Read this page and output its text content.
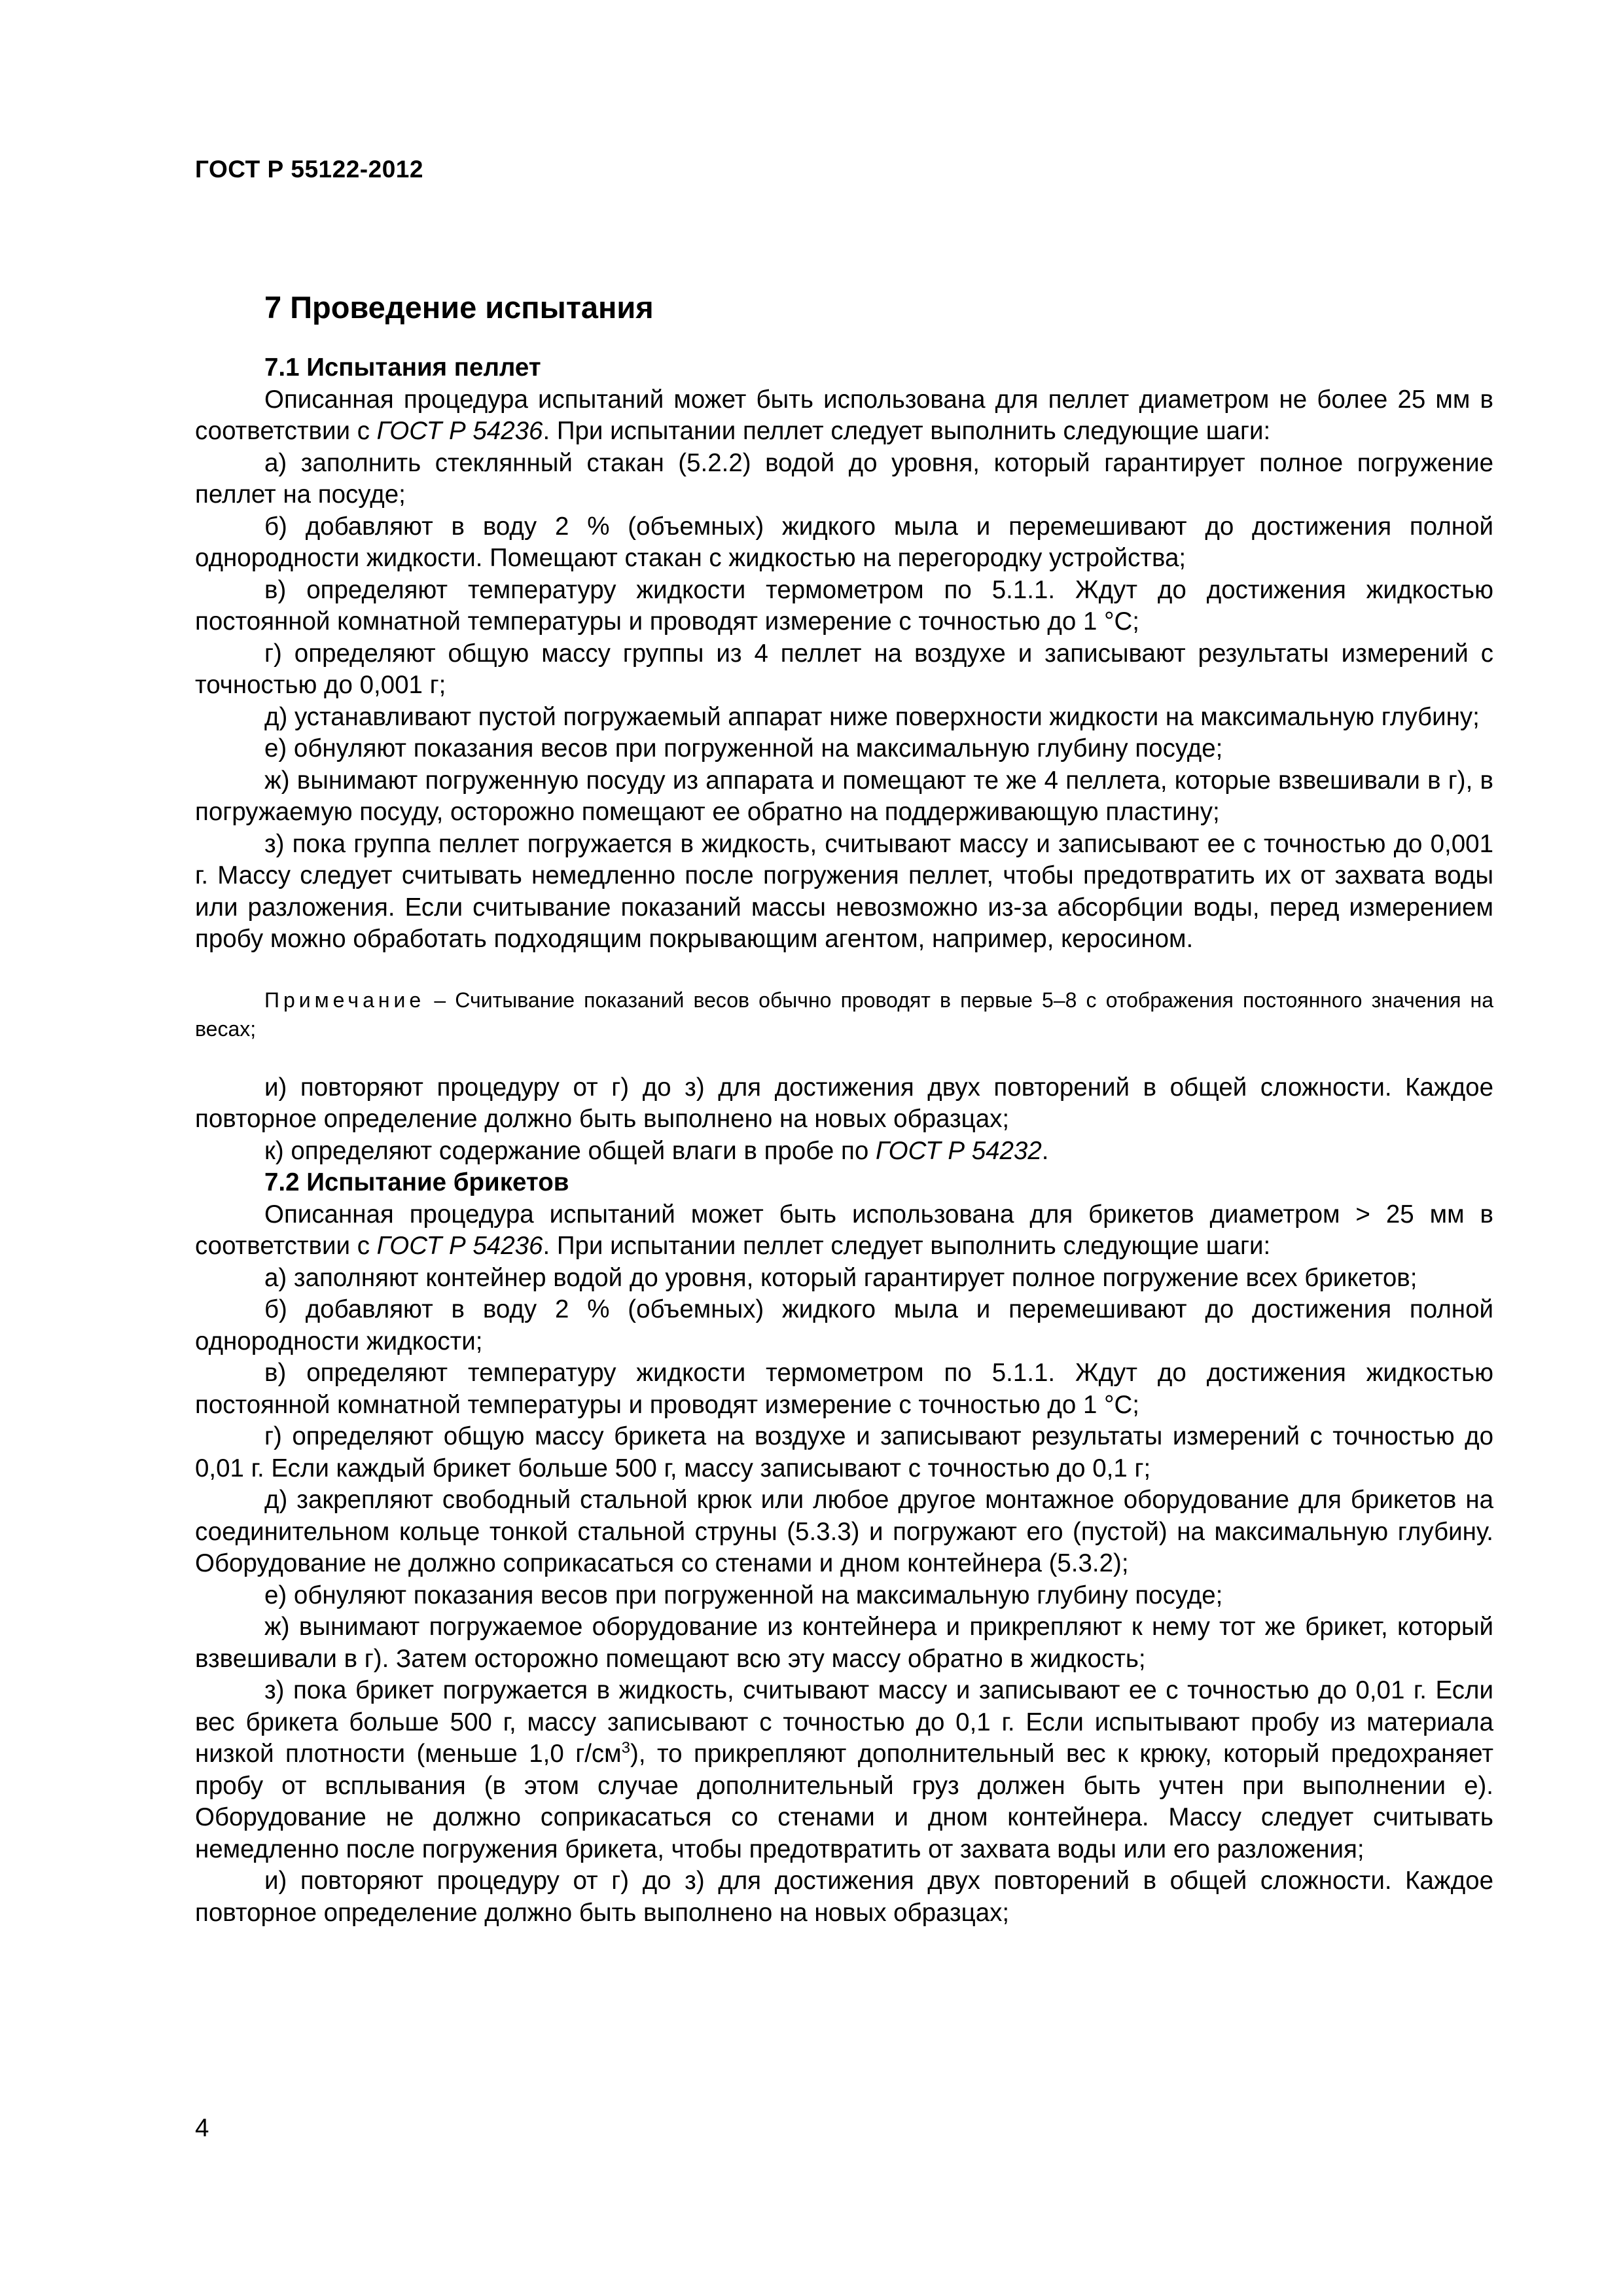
ГОСТ Р 55122-2012
7 Проведение испытания
7.1 Испытания пеллет

Описанная процедура испытаний может быть использована для пеллет диаметром не более 25 мм в соответствии с ГОСТ Р 54236. При испытании пеллет следует выполнить следующие шаги:

а) заполнить стеклянный стакан (5.2.2) водой до уровня, который гарантирует полное погружение пеллет на посуде;

б) добавляют в воду 2 % (объемных) жидкого мыла и перемешивают до достижения полной однородности жидкости. Помещают стакан с жидкостью на перегородку устройства;

в) определяют температуру жидкости термометром по 5.1.1. Ждут до достижения жидкостью постоянной комнатной температуры и проводят измерение с точностью до 1 °С;

г) определяют общую массу группы из 4 пеллет на воздухе и записывают результаты измерений с точностью до 0,001 г;

д) устанавливают пустой погружаемый аппарат ниже поверхности жидкости на максимальную глубину;

е) обнуляют показания весов при погруженной на максимальную глубину посуде;

ж) вынимают погруженную посуду из аппарата и помещают те же 4 пеллета, которые взвешивали в г), в погружаемую посуду, осторожно помещают ее обратно на поддерживающую пластину;

з) пока группа пеллет погружается в жидкость, считывают массу и записывают ее с точностью до 0,001 г. Массу следует считывать немедленно после погружения пеллет, чтобы предотвратить их от захвата воды или разложения. Если считывание показаний массы невозможно из-за абсорбции воды, перед измерением пробу можно обработать подходящим покрывающим агентом, например, керосином.

Примечание – Считывание показаний весов обычно проводят в первые 5–8 с отображения постоянного значения на весах;

и) повторяют процедуру от г) до з) для достижения двух повторений в общей сложности. Каждое повторное определение должно быть выполнено на новых образцах;

к) определяют содержание общей влаги в пробе по ГОСТ Р 54232.

7.2 Испытание брикетов

Описанная процедура испытаний может быть использована для брикетов диаметром > 25 мм в соответствии с ГОСТ Р 54236. При испытании пеллет следует выполнить следующие шаги:

а) заполняют контейнер водой до уровня, который гарантирует полное погружение всех брикетов;

б) добавляют в воду 2 % (объемных) жидкого мыла и перемешивают до достижения полной однородности жидкости;

в) определяют температуру жидкости термометром по 5.1.1. Ждут до достижения жидкостью постоянной комнатной температуры и проводят измерение с точностью до 1 °С;

г) определяют общую массу брикета на воздухе и записывают результаты измерений с точностью до 0,01 г. Если каждый брикет больше 500 г, массу записывают с точностью до 0,1 г;

д) закрепляют свободный стальной крюк или любое другое монтажное оборудование для брикетов на соединительном кольце тонкой стальной струны (5.3.3) и погружают его (пустой) на максимальную глубину. Оборудование не должно соприкасаться со стенами и дном контейнера (5.3.2);

е) обнуляют показания весов при погруженной на максимальную глубину посуде;

ж) вынимают погружаемое оборудование из контейнера и прикрепляют к нему тот же брикет, который взвешивали в г). Затем осторожно помещают всю эту массу обратно в жидкость;

з) пока брикет погружается в жидкость, считывают массу и записывают ее с точностью до 0,01 г. Если вес брикета больше 500 г, массу записывают с точностью до 0,1 г. Если испытывают пробу из материала низкой плотности (меньше 1,0 $г/см^3$), то прикрепляют дополнительный вес к крюку, который предохраняет пробу от всплывания (в этом случае дополнительный груз должен быть учтен при выполнении е). Оборудование не должно соприкасаться со стенами и дном контейнера. Массу следует считывать немедленно после погружения брикета, чтобы предотвратить от захвата воды или его разложения;

и) повторяют процедуру от г) до з) для достижения двух повторений в общей сложности. Каждое повторное определение должно быть выполнено на новых образцах;

4
